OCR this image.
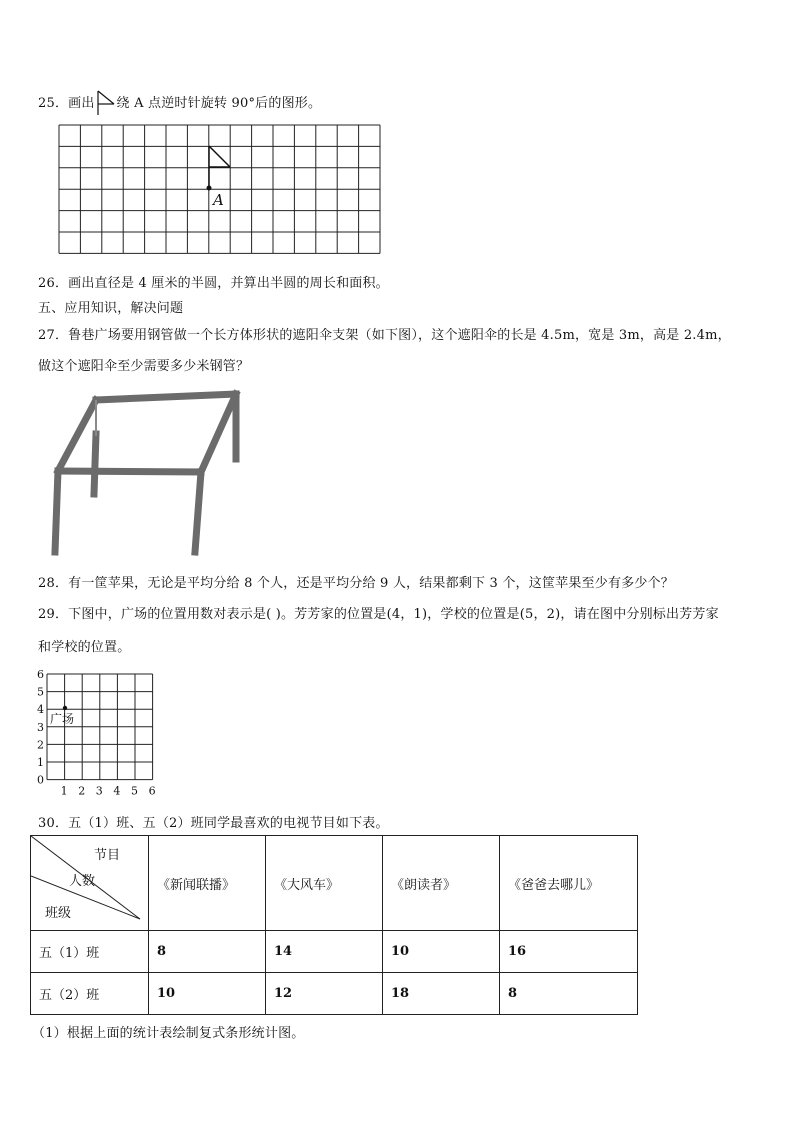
25．画出 绕 A 点逆时针旋转 90°后的图形。
A
26．画出直径是 4 厘米的半圆，并算出半圆的周长和面积。
五、应用知识，解决问题
27．鲁巷广场要用钢管做一个长方体形状的遮阳伞支架（如下图），这个遮阳伞的长是 4.5m，宽是 3m，高是 2.4m，
做这个遮阳伞至少需要多少米钢管？
28．有一筐苹果，无论是平均分给 8 个人，还是平均分给 9 人，结果都剩下 3 个，这筐苹果至少有多少个？
29．下图中，广场的位置用数对表示是( )。芳芳家的位置是(4，1)，学校的位置是(5，2)，请在图中分别标出芳芳家
和学校的位置。
0
1
2
3
4
5
6
1 2 3 4 5 6
广场
30．五（1）班、五（2）班同学最喜欢的电视节目如下表。
节目
人数
班级	《新闻联播》	《大风车》	《朗读者》	《爸爸去哪儿》
五（1）班	8	14	10	16
五（2）班	10	12	18	8
（1）根据上面的统计表绘制复式条形统计图。
